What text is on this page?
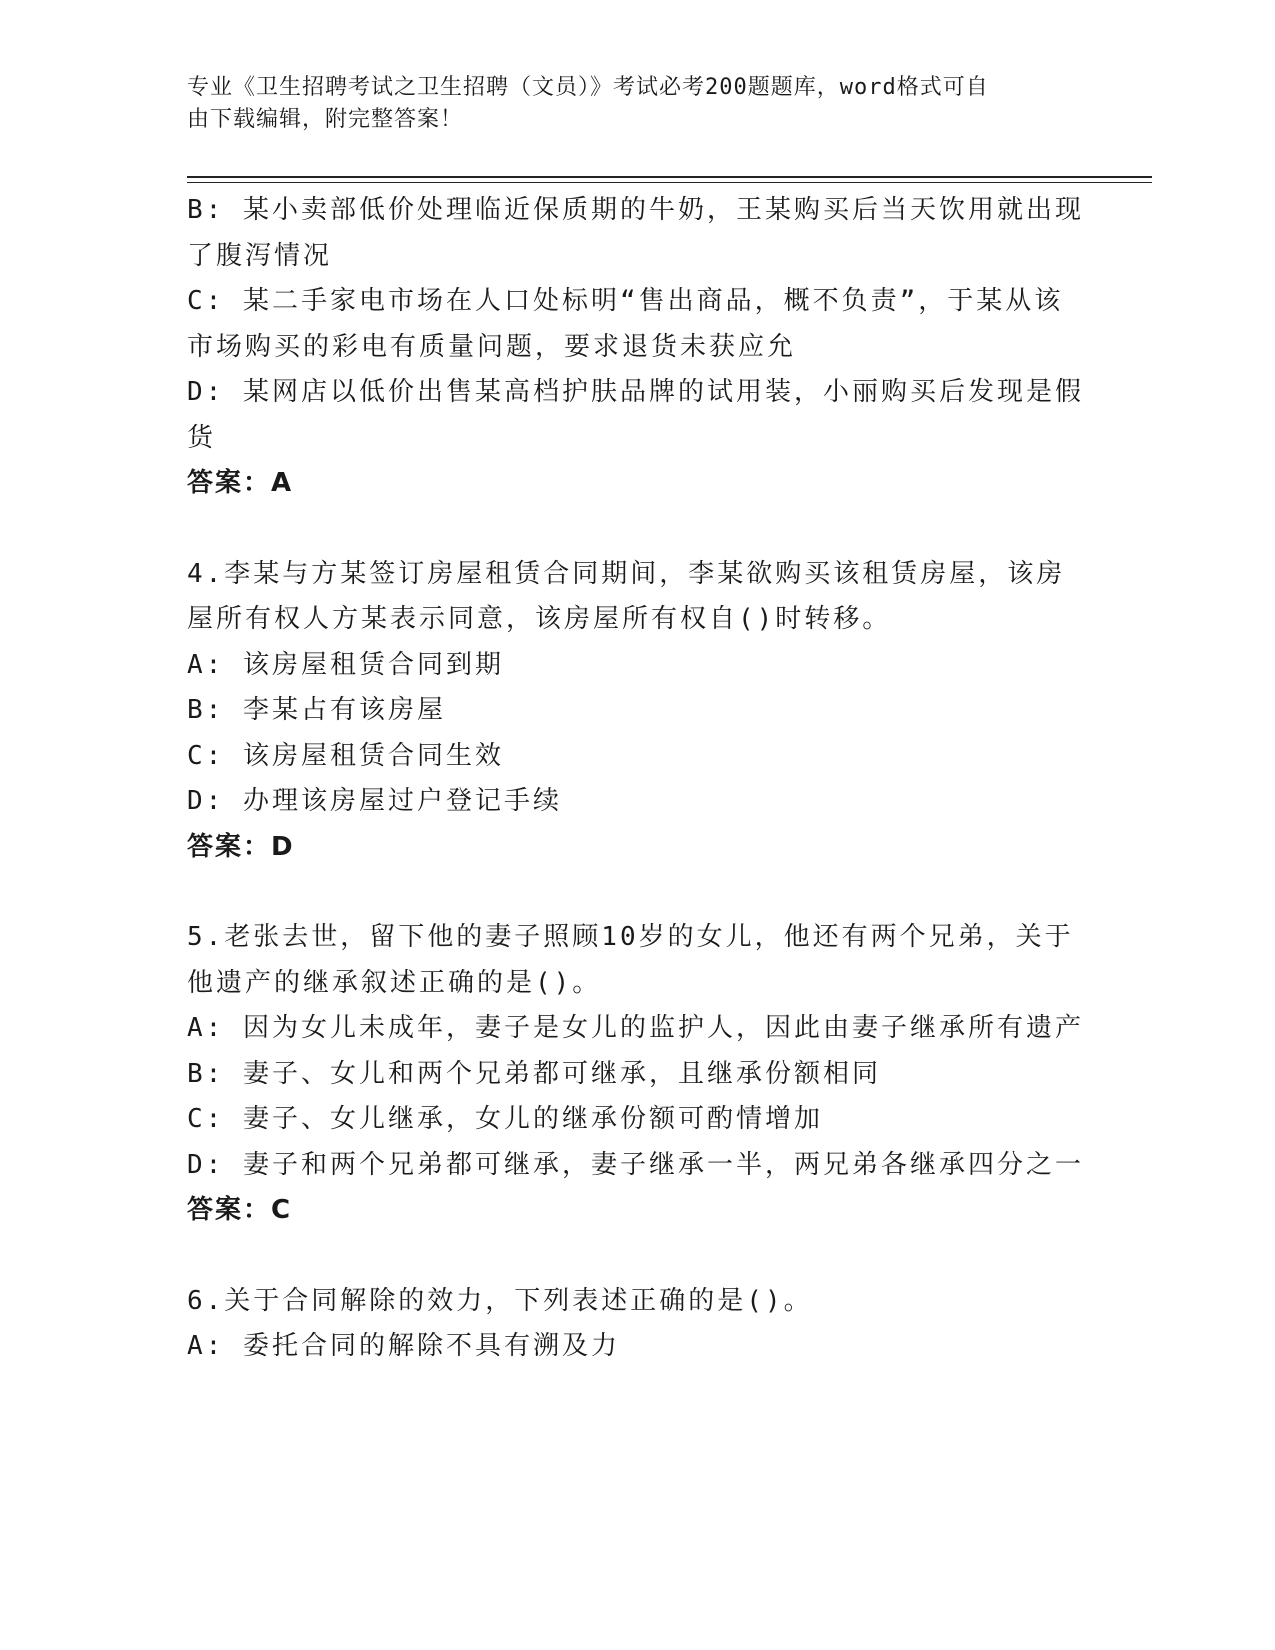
专业《卫生招聘考试之卫生招聘（文员）》考试必考200题题库，word格式可自
由下载编辑，附完整答案！
B: 某小卖部低价处理临近保质期的牛奶，王某购买后当天饮用就出现
了腹泻情况
C: 某二手家电市场在人口处标明“售出商品，概不负责”，于某从该
市场购买的彩电有质量问题，要求退货未获应允
D: 某网店以低价出售某高档护肤品牌的试用装，小丽购买后发现是假
货
答案：A
4.李某与方某签订房屋租赁合同期间，李某欲购买该租赁房屋，该房
屋所有权人方某表示同意，该房屋所有权自()时转移。
A: 该房屋租赁合同到期
B: 李某占有该房屋
C: 该房屋租赁合同生效
D: 办理该房屋过户登记手续
答案：D
5.老张去世，留下他的妻子照顾10岁的女儿，他还有两个兄弟，关于
他遗产的继承叙述正确的是()。
A: 因为女儿未成年，妻子是女儿的监护人，因此由妻子继承所有遗产
B: 妻子、女儿和两个兄弟都可继承，且继承份额相同
C: 妻子、女儿继承，女儿的继承份额可酌情增加
D: 妻子和两个兄弟都可继承，妻子继承一半，两兄弟各继承四分之一
答案：C
6.关于合同解除的效力，下列表述正确的是()。
A: 委托合同的解除不具有溯及力
